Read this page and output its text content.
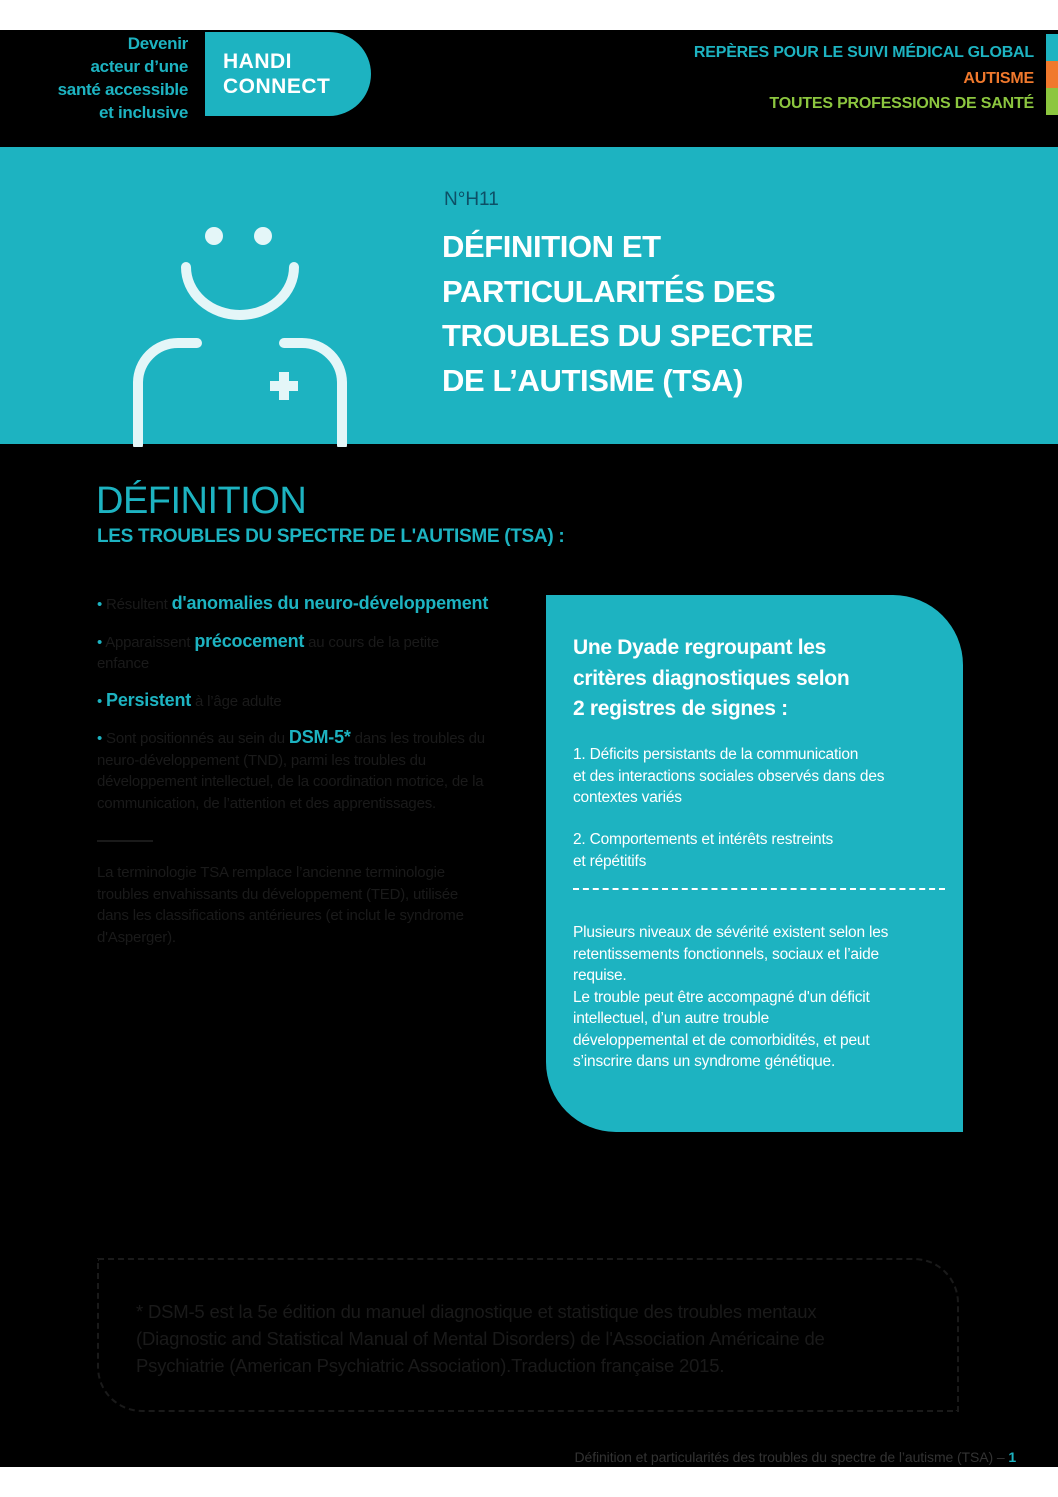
Devenir
acteur d’une
santé accessible
et inclusive
HANDI
CONNECT
REPÈRES POUR LE SUIVI MÉDICAL GLOBAL
AUTISME
TOUTES PROFESSIONS DE SANTÉ
N°H11
DÉFINITION ET
PARTICULARITÉS DES
TROUBLES DU SPECTRE
DE L’AUTISME (TSA)
DÉFINITION
LES TROUBLES DU SPECTRE DE L'AUTISME (TSA) :
• Résultent d'anomalies du neuro-développement
• Apparaissent précocement au cours de la petite enfance
• Persistent à l’âge adulte
• Sont positionnés au sein du DSM-5* dans les troubles du neuro-développement (TND), parmi les troubles du développement intellectuel, de la coordination motrice, de la communication, de l’attention et des apprentissages.
La terminologie TSA remplace l’ancienne terminologie troubles envahissants du développement (TED), utilisée dans les classifications antérieures (et inclut le syndrome d'Asperger).
Une Dyade regroupant les
critères diagnostiques selon
2 registres de signes :
1. Déficits persistants de la communication
et des interactions sociales observés dans des
contextes variés
2. Comportements et intérêts restreints
et répétitifs
Plusieurs niveaux de sévérité existent selon les
retentissements fonctionnels, sociaux et l’aide
requise.
Le trouble peut être accompagné d'un déficit
intellectuel, d’un autre trouble
développemental et de comorbidités, et peut
s’inscrire dans un syndrome génétique.
* DSM-5 est la 5e édition du manuel diagnostique et statistique des troubles mentaux
(Diagnostic and Statistical Manual of Mental Disorders) de l'Association Américaine de
Psychiatrie (American Psychiatric Association).Traduction française 2015.
Définition et particularités des troubles du spectre de l’autisme (TSA) – 1
